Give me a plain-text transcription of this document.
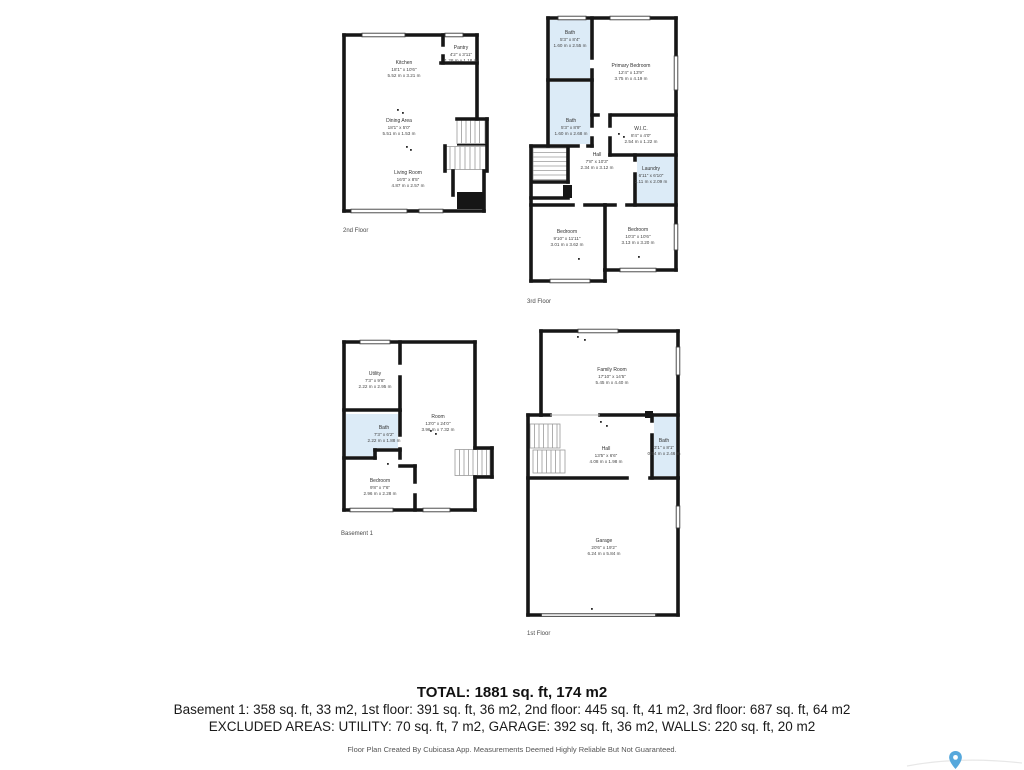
Kitchen
18'1" x 10'6"
5.52 m x 3.21 m
Pantry
4'2" x 3'11"
1.28 m x 1.18 m
Dining Area
18'1" x 5'0"
5.51 m x 1.53 m
Living Room
16'0" x 8'5"
4.87 m x 2.57 m
2nd Floor
Bath
5'3" x 8'4"
1.60 m x 2.55 m
Primary Bedroom
12'4" x 13'9"
3.75 m x 4.19 m
Bath
5'3" x 8'9"
1.60 m x 2.68 m
W.I.C.
8'4" x 4'0"
2.54 m x 1.22 m
Hall
7'8" x 10'3"
2.34 m x 3.12 m	Laundry
6'11" x 6'10"
2.11 m x 2.09 m
Bedroom
9'10" x 11'11"
3.01 m x 3.62 m
Bedroom
10'3" x 10'6"
3.13 m x 3.20 m
3rd Floor
Utility
7'3" x 9'8"
2.22 m x 2.95 m
Room
13'0" x 24'0"
3.96 m x 7.32 m
Bath
7'3" x 6'2"
2.22 m x 1.88 m
Bedroom
9'8" x 7'6"
2.96 m x 2.28 m
Basement 1
Family Room
17'10" x 14'5"
5.45 m x 4.40 m
Hall
13'5" x 6'6"
4.08 m x 1.98 m
Bath
3'1" x 8'1"
0.94 m x 2.46 m
Garage
20'6" x 19'2"
6.24 m x 5.84 m
1st Floor
TOTAL: 1881 sq. ft, 174 m2
Basement 1: 358 sq. ft, 33 m2, 1st floor: 391 sq. ft, 36 m2, 2nd floor: 445 sq. ft, 41 m2, 3rd floor: 687 sq. ft, 64 m2
EXCLUDED AREAS: UTILITY: 70 sq. ft, 7 m2, GARAGE: 392 sq. ft, 36 m2, WALLS: 220 sq. ft, 20 m2
Floor Plan Created By Cubicasa App. Measurements Deemed Highly Reliable But Not Guaranteed.
